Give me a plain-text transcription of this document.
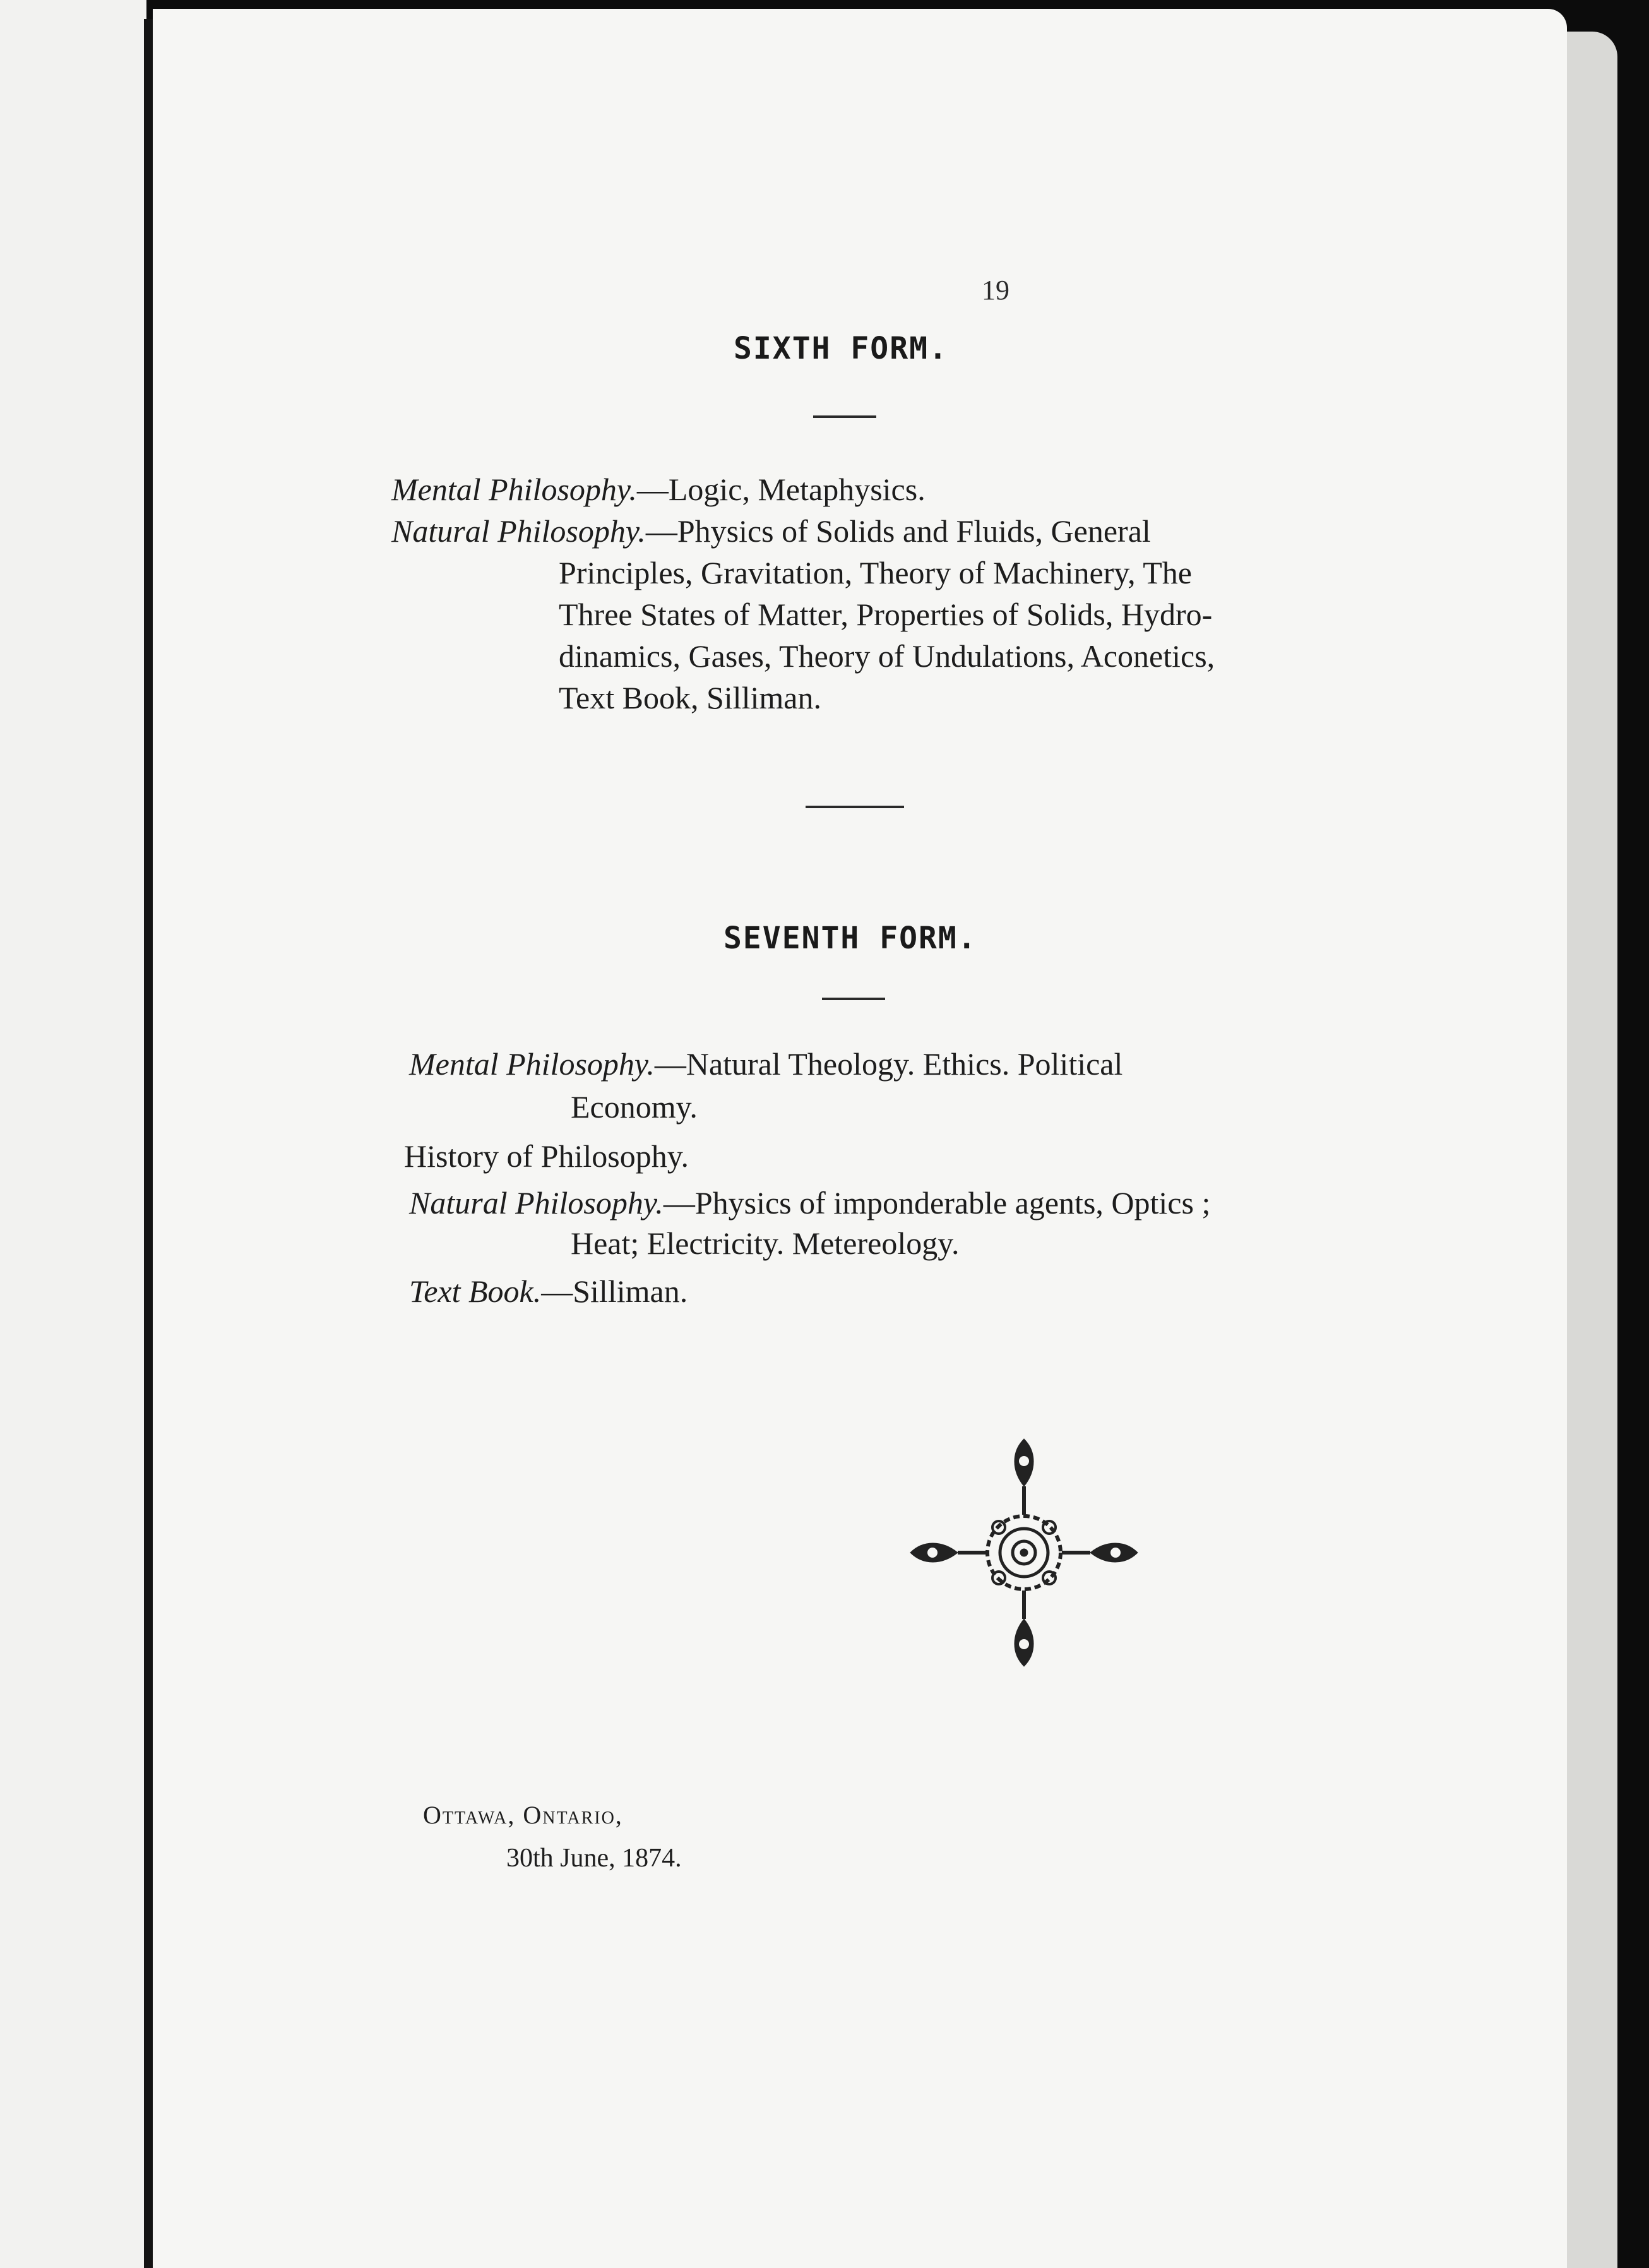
19
SIXTH FORM.
Mental Philosophy.—Logic, Metaphysics.
Natural Philosophy.—Physics of Solids and Fluids, General
Principles, Gravitation, Theory of Machinery, The
Three States of Matter, Properties of Solids, Hydro-
dinamics, Gases, Theory of Undulations, Aconetics,
Text Book, Silliman.
SEVENTH FORM.
Mental Philosophy.—Natural Theology. Ethics. Political
Economy.
History of Philosophy.
Natural Philosophy.—Physics of imponderable agents, Optics ;
Heat; Electricity. Metereology.
Text Book.—Silliman.
Ottawa, Ontario,
30th June, 1874.
